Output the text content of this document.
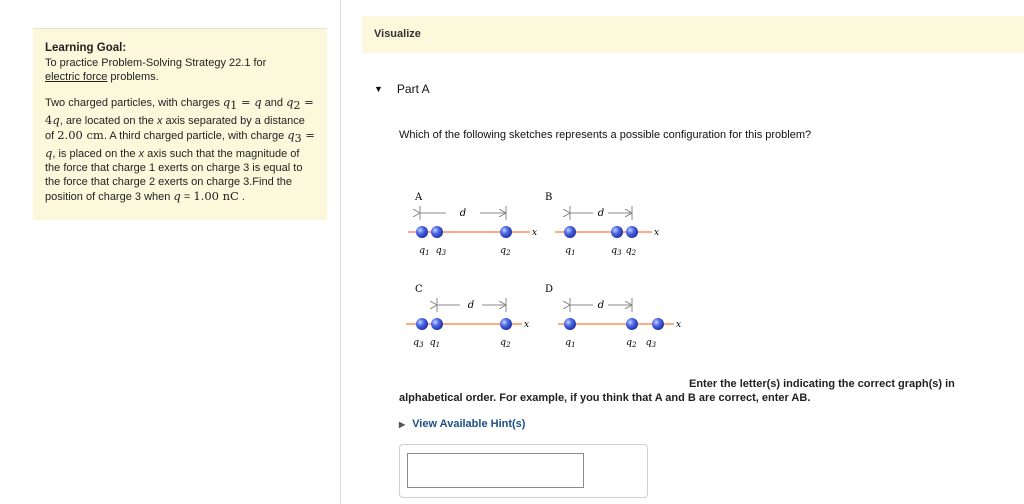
Learning Goal:
To practice Problem-Solving Strategy 22.1 for
electric force problems.
Two charged particles, with charges $q_1 = q$ and $q_2 = 4q$, are located on the x axis separated by a distance of 2.00 cm. A third charged particle, with charge $q_3 = q$, is placed on the x axis such that the magnitude of the force that charge 1 exerts on charge 3 is equal to the force that charge 2 exerts on charge 3.Find the position of charge 3 when q = 1.00 nC .
Visualize
▼ Part A
Which of the following sketches represents a possible configuration for this problem?
A
d
x
$q_1$ $q_3$	$q_2$
B
d
x
$q_1$	$q_3$ $q_2$
C
d
x
$q_3$ $q_1$	$q_2$
D
d
x
$q_1$	$q_2$ $q_3$
Enter the letter(s) indicating the correct graph(s) in
alphabetical order. For example, if you think that A and B are correct, enter AB.
▶ View Available Hint(s)
